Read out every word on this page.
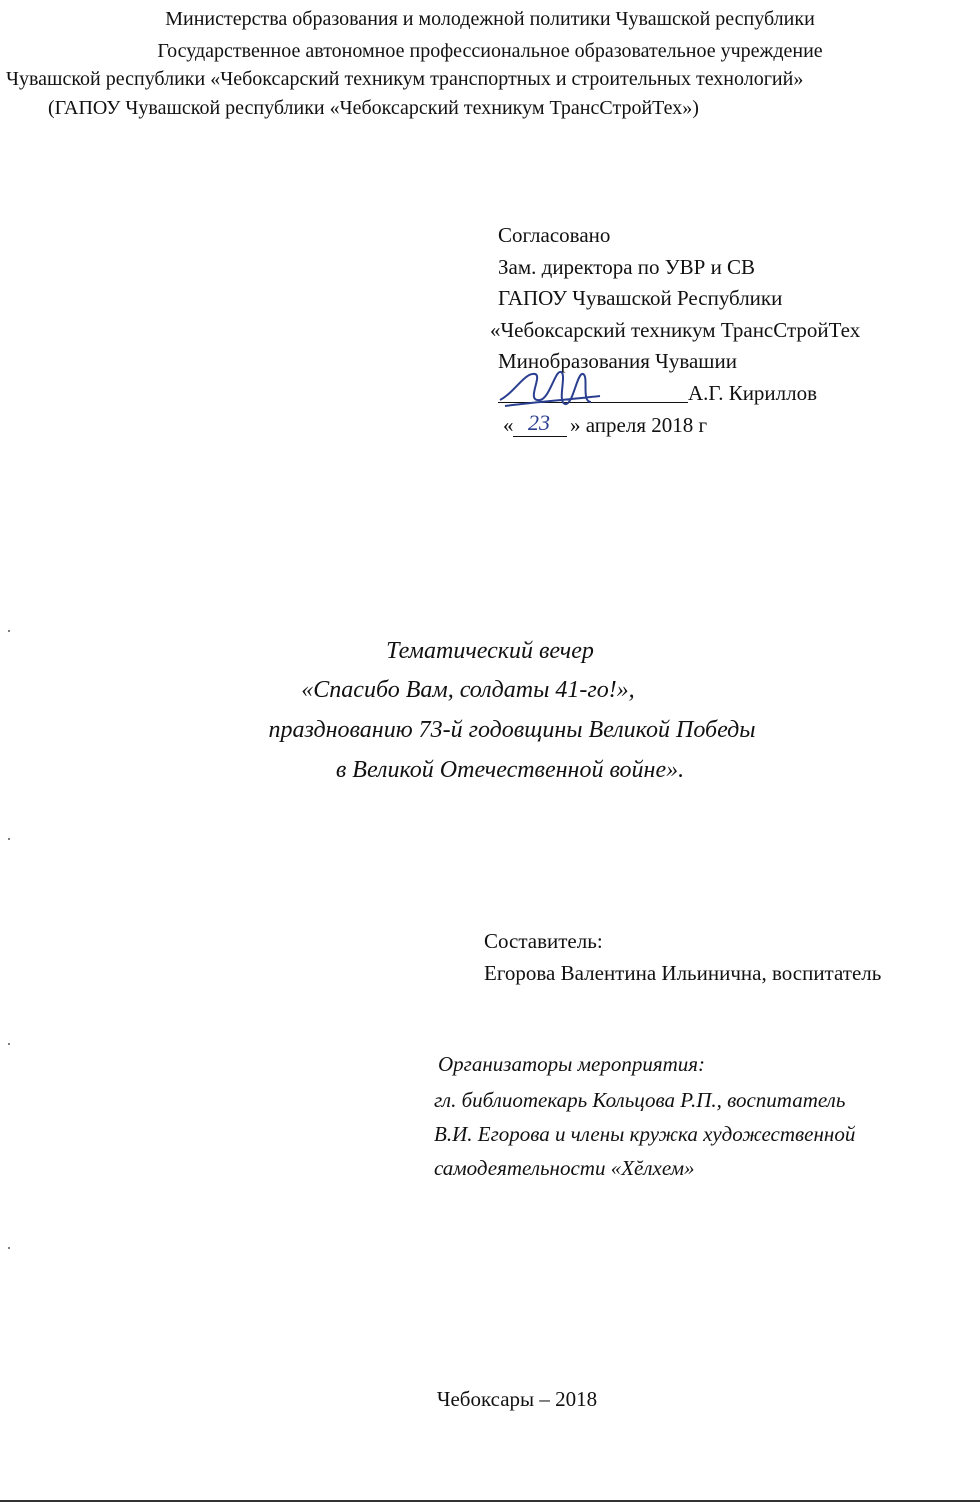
Министерства образования и молодежной политики Чувашской республики
Государственное автономное профессиональное образовательное учреждение
Чувашской республики «Чебоксарский техникум транспортных и строительных технологий»
(ГАПОУ Чувашской республики «Чебоксарский техникум ТрансСтройТех»)
Согласовано
Зам. директора по УВР и СВ
ГАПОУ Чувашской Республики
«Чебоксарский техникум ТрансСтройТех
Минобразования Чувашии
А.Г. Кириллов
« 23 » апреля 2018 г
Тематический вечер
«Спасибо Вам, солдаты 41-го!»,
празднованию 73-й годовщины Великой Победы
в Великой Отечественной войне».
Составитель:
Егорова Валентина Ильинична, воспитатель
Организаторы мероприятия:
гл. библиотекарь Кольцова Р.П., воспитатель
В.И. Егорова и члены кружка художественной
самодеятельности «Хĕлхем»
Чебоксары – 2018
